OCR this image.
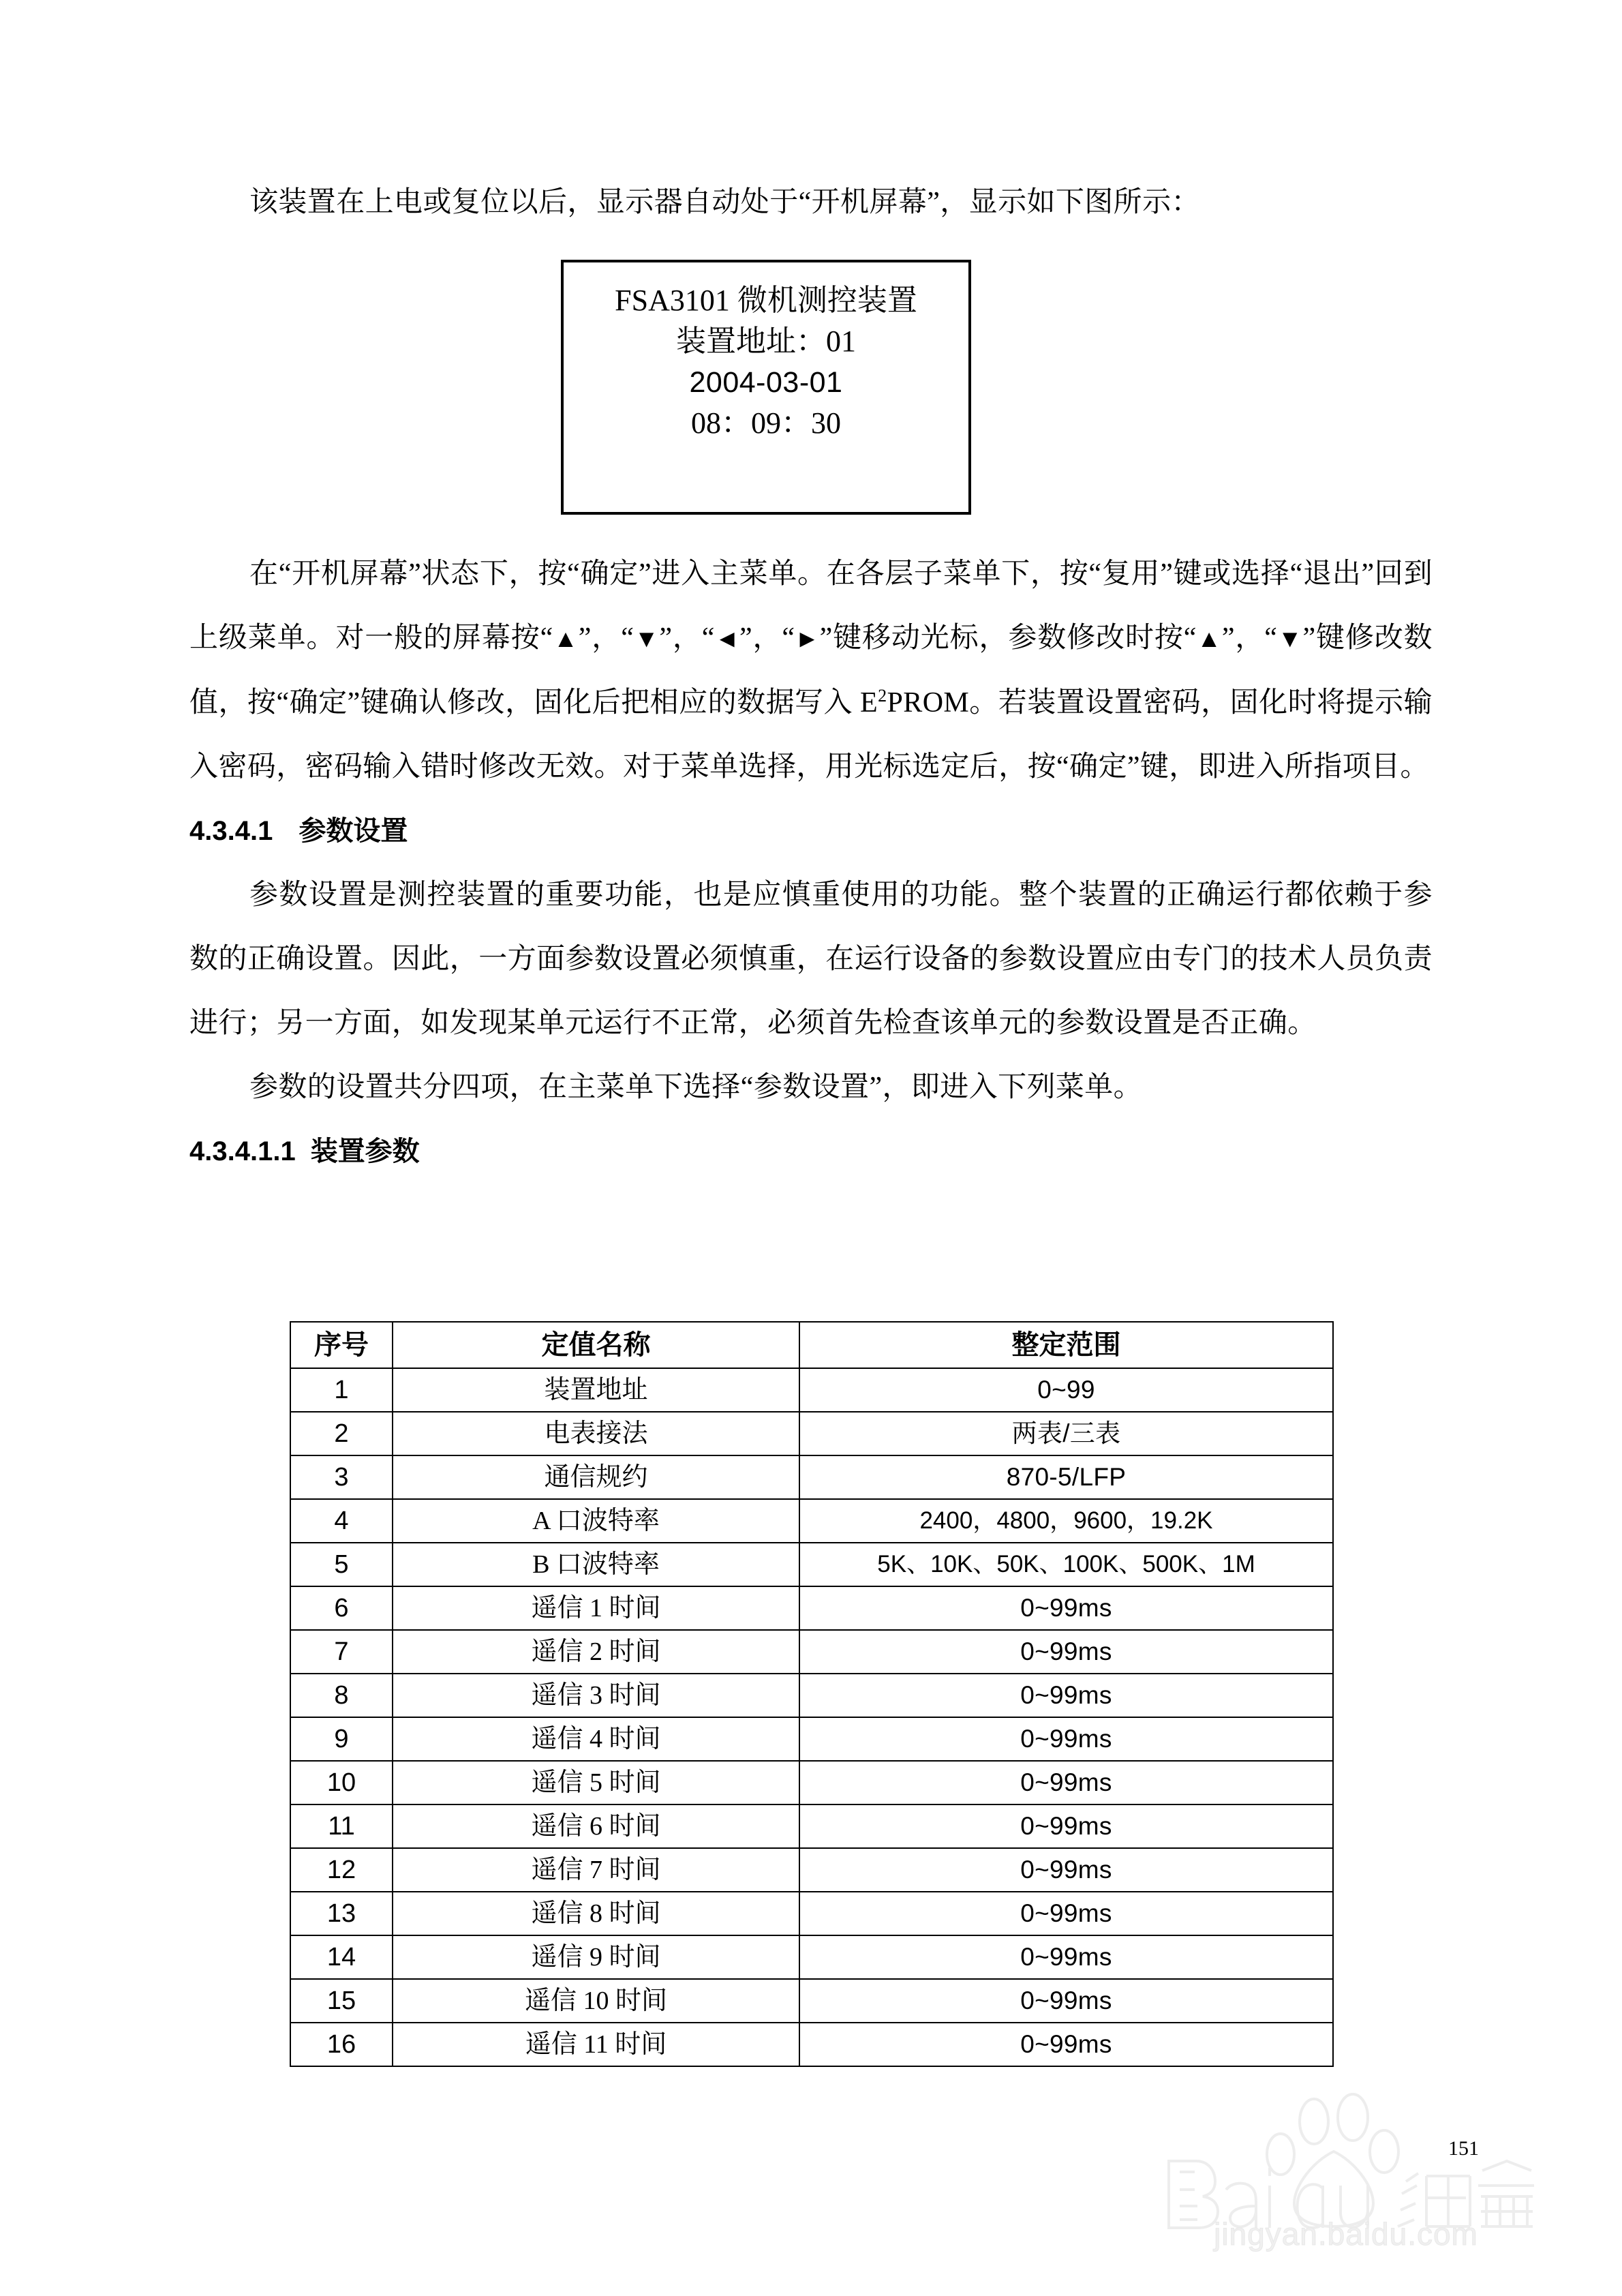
该装置在上电或复位以后，显示器自动处于“开机屏幕”，显示如下图所示：

FSA3101 微机测控装置
装置地址：01
2004-03-01
08：09：30

在“开机屏幕”状态下，按“确定”进入主菜单。在各层子菜单下，按“复用”键或选择“退出”回到上级菜单。对一般的屏幕按“▲”，“▼”，“◄”，“►”键移动光标，参数修改时按“▲”，“▼”键修改数值，按“确定”键确认修改，固化后把相应的数据写入 $E^2PROM$。若装置设置密码，固化时将提示输入密码，密码输入错时修改无效。对于菜单选择，用光标选定后，按“确定”键，即进入所指项目。

4.3.4.1 参数设置

参数设置是测控装置的重要功能，也是应慎重使用的功能。整个装置的正确运行都依赖于参数的正确设置。因此，一方面参数设置必须慎重，在运行设备的参数设置应由专门的技术人员负责进行；另一方面，如发现某单元运行不正常，必须首先检查该单元的参数设置是否正确。

参数的设置共分四项，在主菜单下选择“参数设置”，即进入下列菜单。

4.3.4.1.1 装置参数
序号	定值名称	整定范围
1	装置地址	0~99
2	电表接法	两表/三表
3	通信规约	870-5/LFP
4	A 口波特率	2400，4800，9600，19.2K
5	B 口波特率	5K、10K、50K、100K、500K、1M
6	遥信 1 时间	0~99ms
7	遥信 2 时间	0~99ms
8	遥信 3 时间	0~99ms
9	遥信 4 时间	0~99ms
10	遥信 5 时间	0~99ms
11	遥信 6 时间	0~99ms
12	遥信 7 时间	0~99ms
13	遥信 8 时间	0~99ms
14	遥信 9 时间	0~99ms
15	遥信 10 时间	0~99ms
16	遥信 11 时间	0~99ms
151
jingyan.baidu.com
